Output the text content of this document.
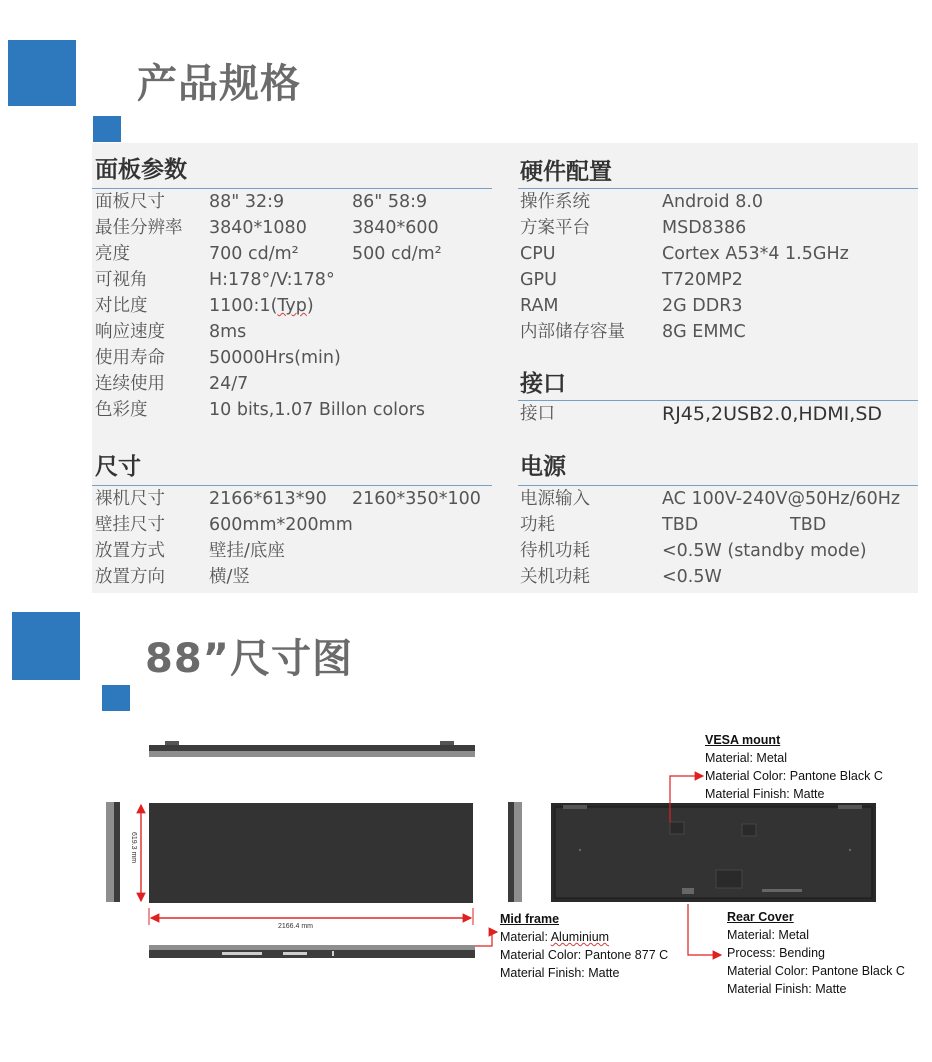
产品规格
面板参数
面板尺寸	88" 32:9	86" 58:9
最佳分辨率 3840*1080	3840*600
亮度	700 cd/m²	500 cd/m²
可视角	H:178°/V:178°
对比度	1100:1(Typ)
响应速度	8ms
使用寿命	50000Hrs(min)
连续使用	24/7
色彩度	10 bits,1.07 Billon colors
尺寸
裸机尺寸	2166*613*90 2160*350*100
壁挂尺寸	600mm*200mm
放置方式	壁挂/底座
放置方向	横/竖
硬件配置
操作系统	Android 8.0
方案平台	MSD8386
CPU	Cortex A53*4 1.5GHz
GPU	T720MP2
RAM	2G DDR3
内部储存容量 8G EMMC
接口
接口	RJ45,2USB2.0,HDMI,SD
电源
电源输入	AC 100V-240V@50Hz/60Hz
功耗	TBD	TBD
待机功耗	<0.5W (standby mode)
关机功耗	<0.5W
88”尺寸图
619.3 mm
2166.4 mm
VESA mount
Material: Metal
Material Color: Pantone Black C
Material Finish: Matte
Mid frame
Material: Aluminium
Material Color: Pantone 877 C
Material Finish: Matte
Rear Cover
Material: Metal
Process: Bending
Material Color: Pantone Black C
Material Finish: Matte
